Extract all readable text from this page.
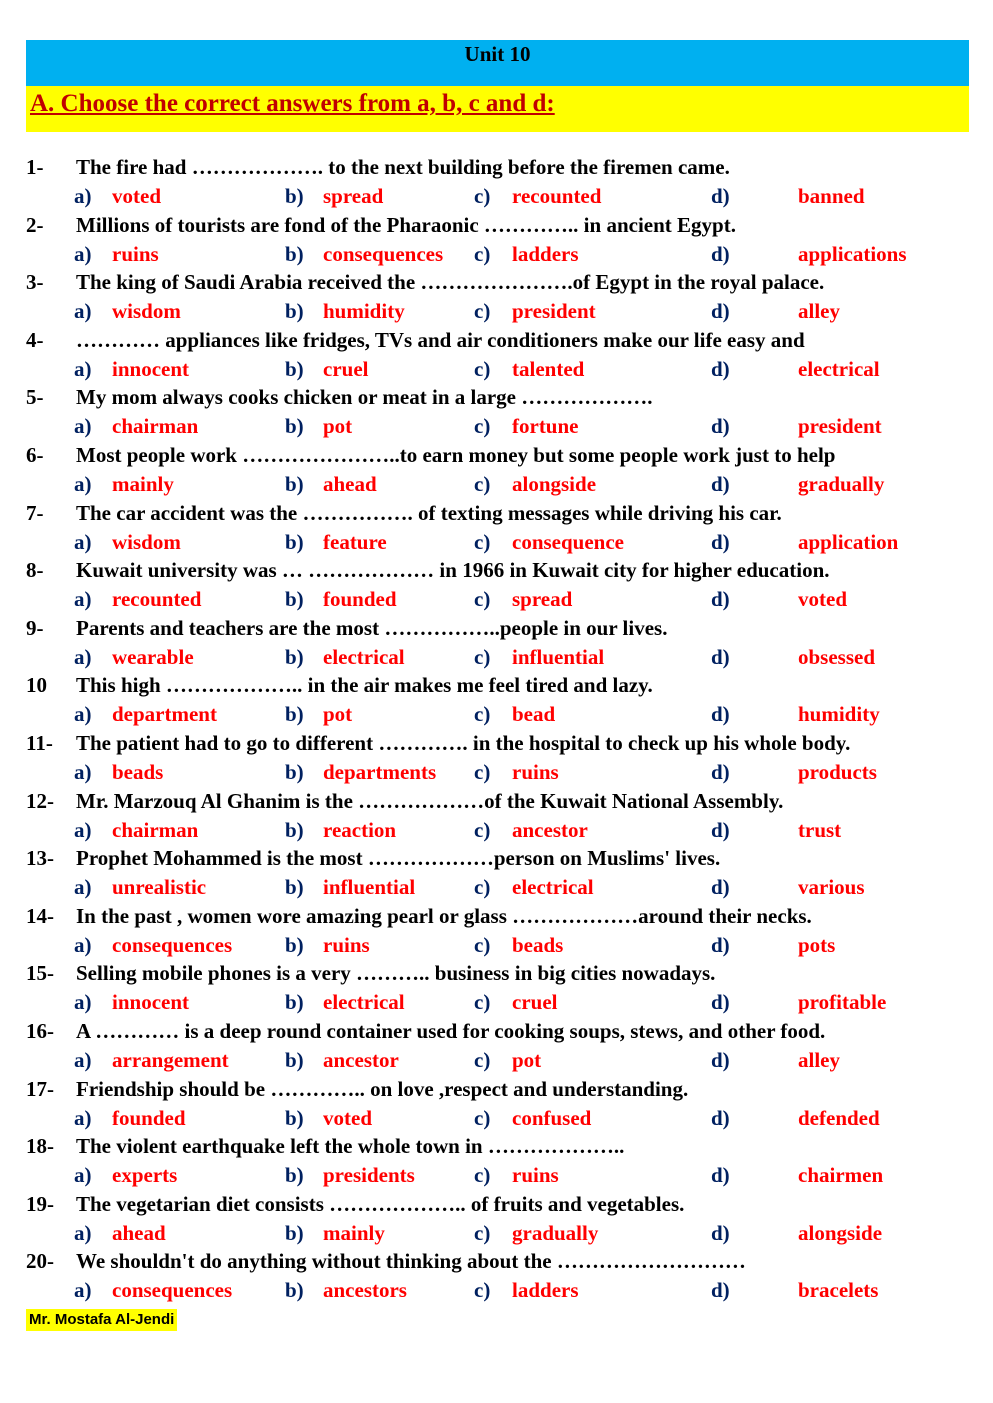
Unit 10
A. Choose the correct answers from a, b, c and d:
1- The fire had ………………. to the next building before the firemen came.
a) voted	b) spread	c) recounted	d)	banned
2- Millions of tourists are fond of the Pharaonic ………….. in ancient Egypt.
a) ruins	b) consequences c) ladders	d)	applications
3- The king of Saudi Arabia received the ………………….of Egypt in the royal palace.
a) wisdom	b) humidity	c) president	d)	alley
4- ………… appliances like fridges, TVs and air conditioners make our life easy and
a) innocent	b) cruel	c) talented	d)	electrical
5- My mom always cooks chicken or meat in a large ……………….
a) chairman	b) pot	c) fortune	d)	president
6- Most people work …………………..to earn money but some people work just to help
a) mainly	b) ahead	c) alongside	d)	gradually
7- The car accident was the ……………. of texting messages while driving his car.
a) wisdom	b) feature	c) consequence	d)	application
8- Kuwait university was … ……………… in 1966 in Kuwait city for higher education.
a) recounted	b) founded	c) spread	d)	voted
9- Parents and teachers are the most ……………..people in our lives.
a) wearable	b) electrical	c) influential	d)	obsessed
10 This high ……………….. in the air makes me feel tired and lazy.
a) department	b) pot	c) bead	d)	humidity
11- The patient had to go to different …………. in the hospital to check up his whole body.
a) beads	b) departments c) ruins	d)	products
12- Mr. Marzouq Al Ghanim is the ………………of the Kuwait National Assembly.
a) chairman	b) reaction	c) ancestor	d)	trust
13- Prophet Mohammed is the most ………………person on Muslims' lives.
a) unrealistic	b) influential	c) electrical	d)	various
14- In the past , women wore amazing pearl or glass ………………around their necks.
a) consequences	b) ruins	c) beads	d)	pots
15- Selling mobile phones is a very ……….. business in big cities nowadays.
a) innocent	b) electrical	c) cruel	d)	profitable
16- A ………… is a deep round container used for cooking soups, stews, and other food.
a) arrangement	b) ancestor	c) pot	d)	alley
17- Friendship should be ………….. on love ,respect and understanding.
a) founded	b) voted	c) confused	d)	defended
18- The violent earthquake left the whole town in ………………..
a) experts	b) presidents	c) ruins	d)	chairmen
19- The vegetarian diet consists ……………….. of fruits and vegetables.
a) ahead	b) mainly	c) gradually	d)	alongside
20- We shouldn't do anything without thinking about the ………………………
a) consequences	b) ancestors	c) ladders	d)	bracelets
Mr. Mostafa Al-Jendi
